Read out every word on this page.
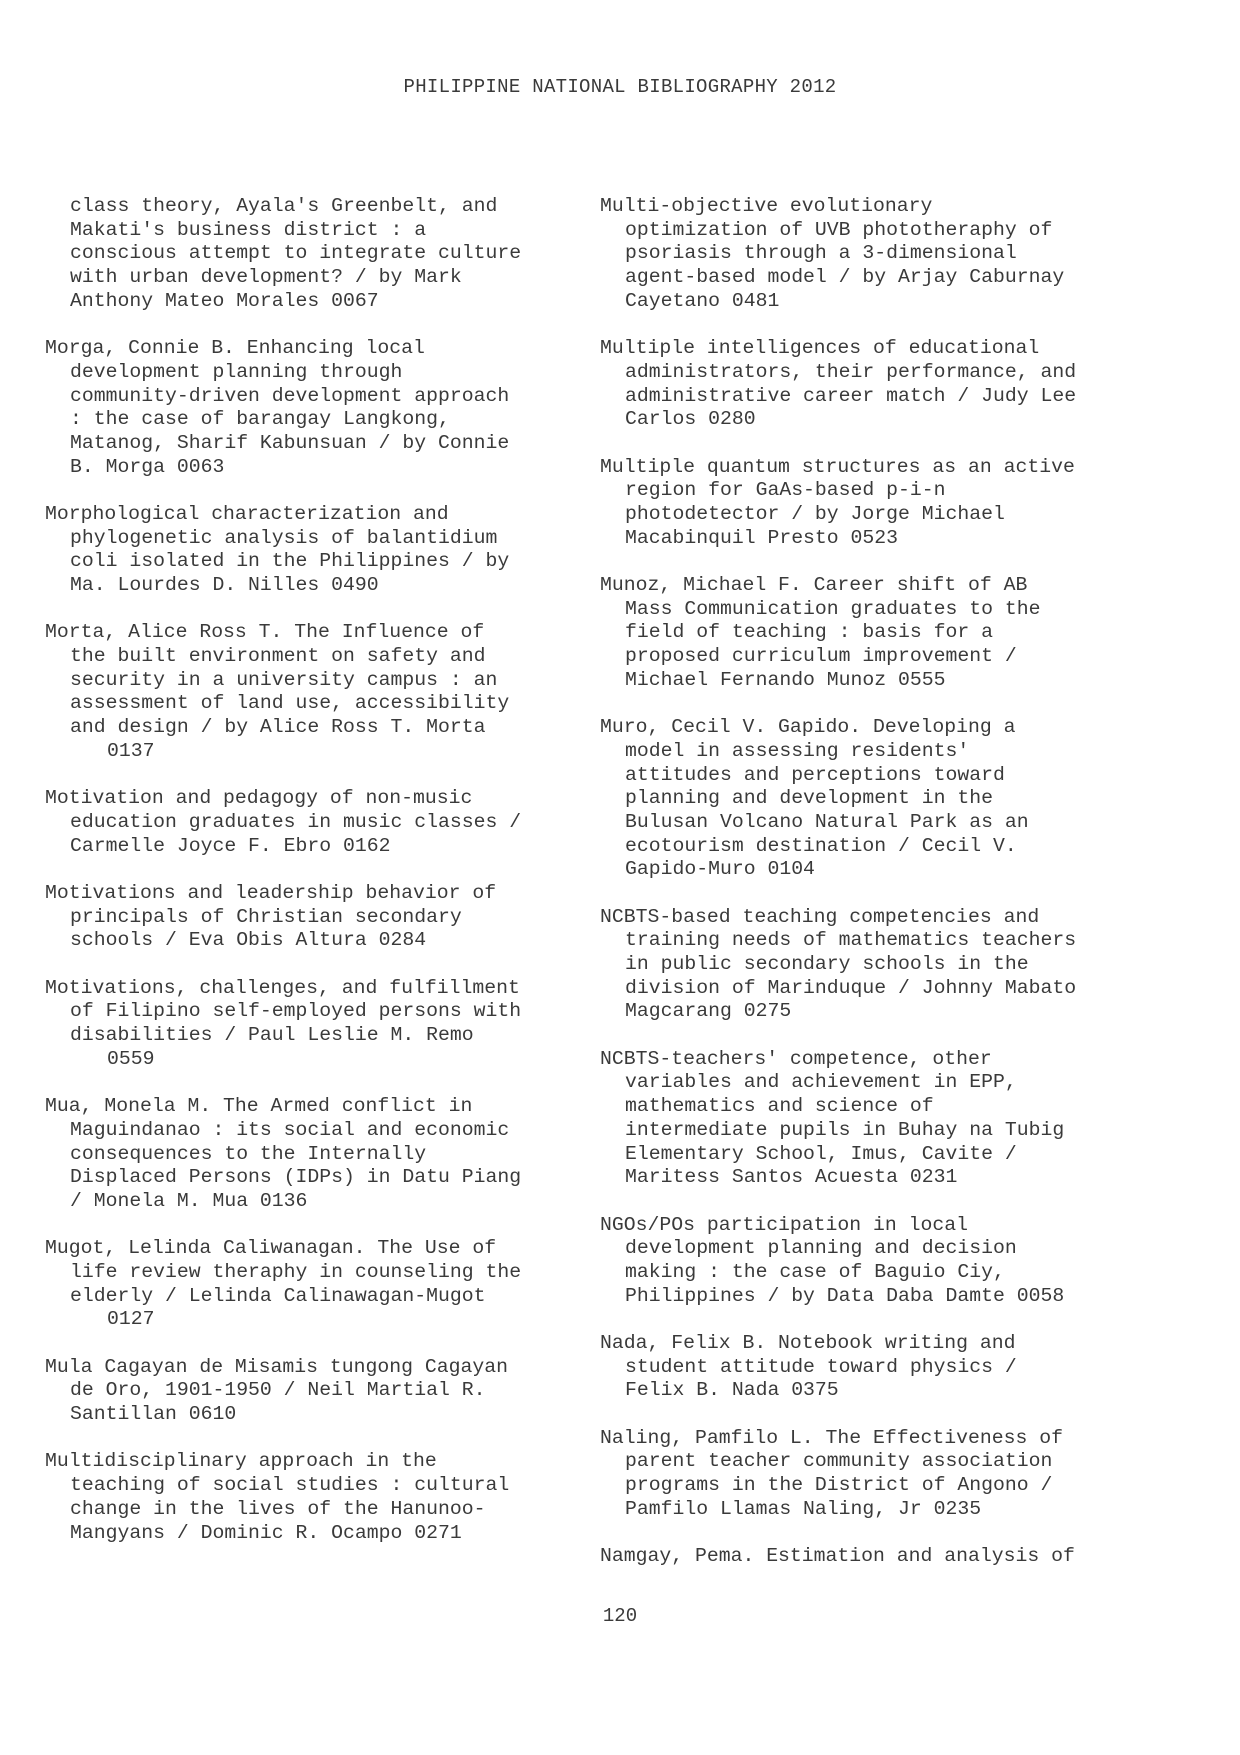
PHILIPPINE NATIONAL BIBLIOGRAPHY 2012
class theory, Ayala's Greenbelt, and
Makati's business district : a
conscious attempt to integrate culture
with urban development? / by Mark
Anthony Mateo Morales 0067
Morga, Connie B. Enhancing local
development planning through
community-driven development approach
: the case of barangay Langkong,
Matanog, Sharif Kabunsuan / by Connie
B. Morga 0063
Morphological characterization and
phylogenetic analysis of balantidium
coli isolated in the Philippines / by
Ma. Lourdes D. Nilles 0490
Morta, Alice Ross T. The Influence of
the built environment on safety and
security in a university campus : an
assessment of land use, accessibility
and design / by Alice Ross T. Morta
0137
Motivation and pedagogy of non-music
education graduates in music classes /
Carmelle Joyce F. Ebro 0162
Motivations and leadership behavior of
principals of Christian secondary
schools / Eva Obis Altura 0284
Motivations, challenges, and fulfillment
of Filipino self-employed persons with
disabilities / Paul Leslie M. Remo
0559
Mua, Monela M. The Armed conflict in
Maguindanao : its social and economic
consequences to the Internally
Displaced Persons (IDPs) in Datu Piang
/ Monela M. Mua 0136
Mugot, Lelinda Caliwanagan. The Use of
life review theraphy in counseling the
elderly / Lelinda Calinawagan-Mugot
0127
Mula Cagayan de Misamis tungong Cagayan
de Oro, 1901-1950 / Neil Martial R.
Santillan 0610
Multidisciplinary approach in the
teaching of social studies : cultural
change in the lives of the Hanunoo-
Mangyans / Dominic R. Ocampo 0271
Multi-objective evolutionary
optimization of UVB phototheraphy of
psoriasis through a 3-dimensional
agent-based model / by Arjay Caburnay
Cayetano 0481
Multiple intelligences of educational
administrators, their performance, and
administrative career match / Judy Lee
Carlos 0280
Multiple quantum structures as an active
region for GaAs-based p-i-n
photodetector / by Jorge Michael
Macabinquil Presto 0523
Munoz, Michael F. Career shift of AB
Mass Communication graduates to the
field of teaching : basis for a
proposed curriculum improvement /
Michael Fernando Munoz 0555
Muro, Cecil V. Gapido. Developing a
model in assessing residents'
attitudes and perceptions toward
planning and development in the
Bulusan Volcano Natural Park as an
ecotourism destination / Cecil V.
Gapido-Muro 0104
NCBTS-based teaching competencies and
training needs of mathematics teachers
in public secondary schools in the
division of Marinduque / Johnny Mabato
Magcarang 0275
NCBTS-teachers' competence, other
variables and achievement in EPP,
mathematics and science of
intermediate pupils in Buhay na Tubig
Elementary School, Imus, Cavite /
Maritess Santos Acuesta 0231
NGOs/POs participation in local
development planning and decision
making : the case of Baguio Ciy,
Philippines / by Data Daba Damte 0058
Nada, Felix B. Notebook writing and
student attitude toward physics /
Felix B. Nada 0375
Naling, Pamfilo L. The Effectiveness of
parent teacher community association
programs in the District of Angono /
Pamfilo Llamas Naling, Jr 0235
Namgay, Pema. Estimation and analysis of
120
